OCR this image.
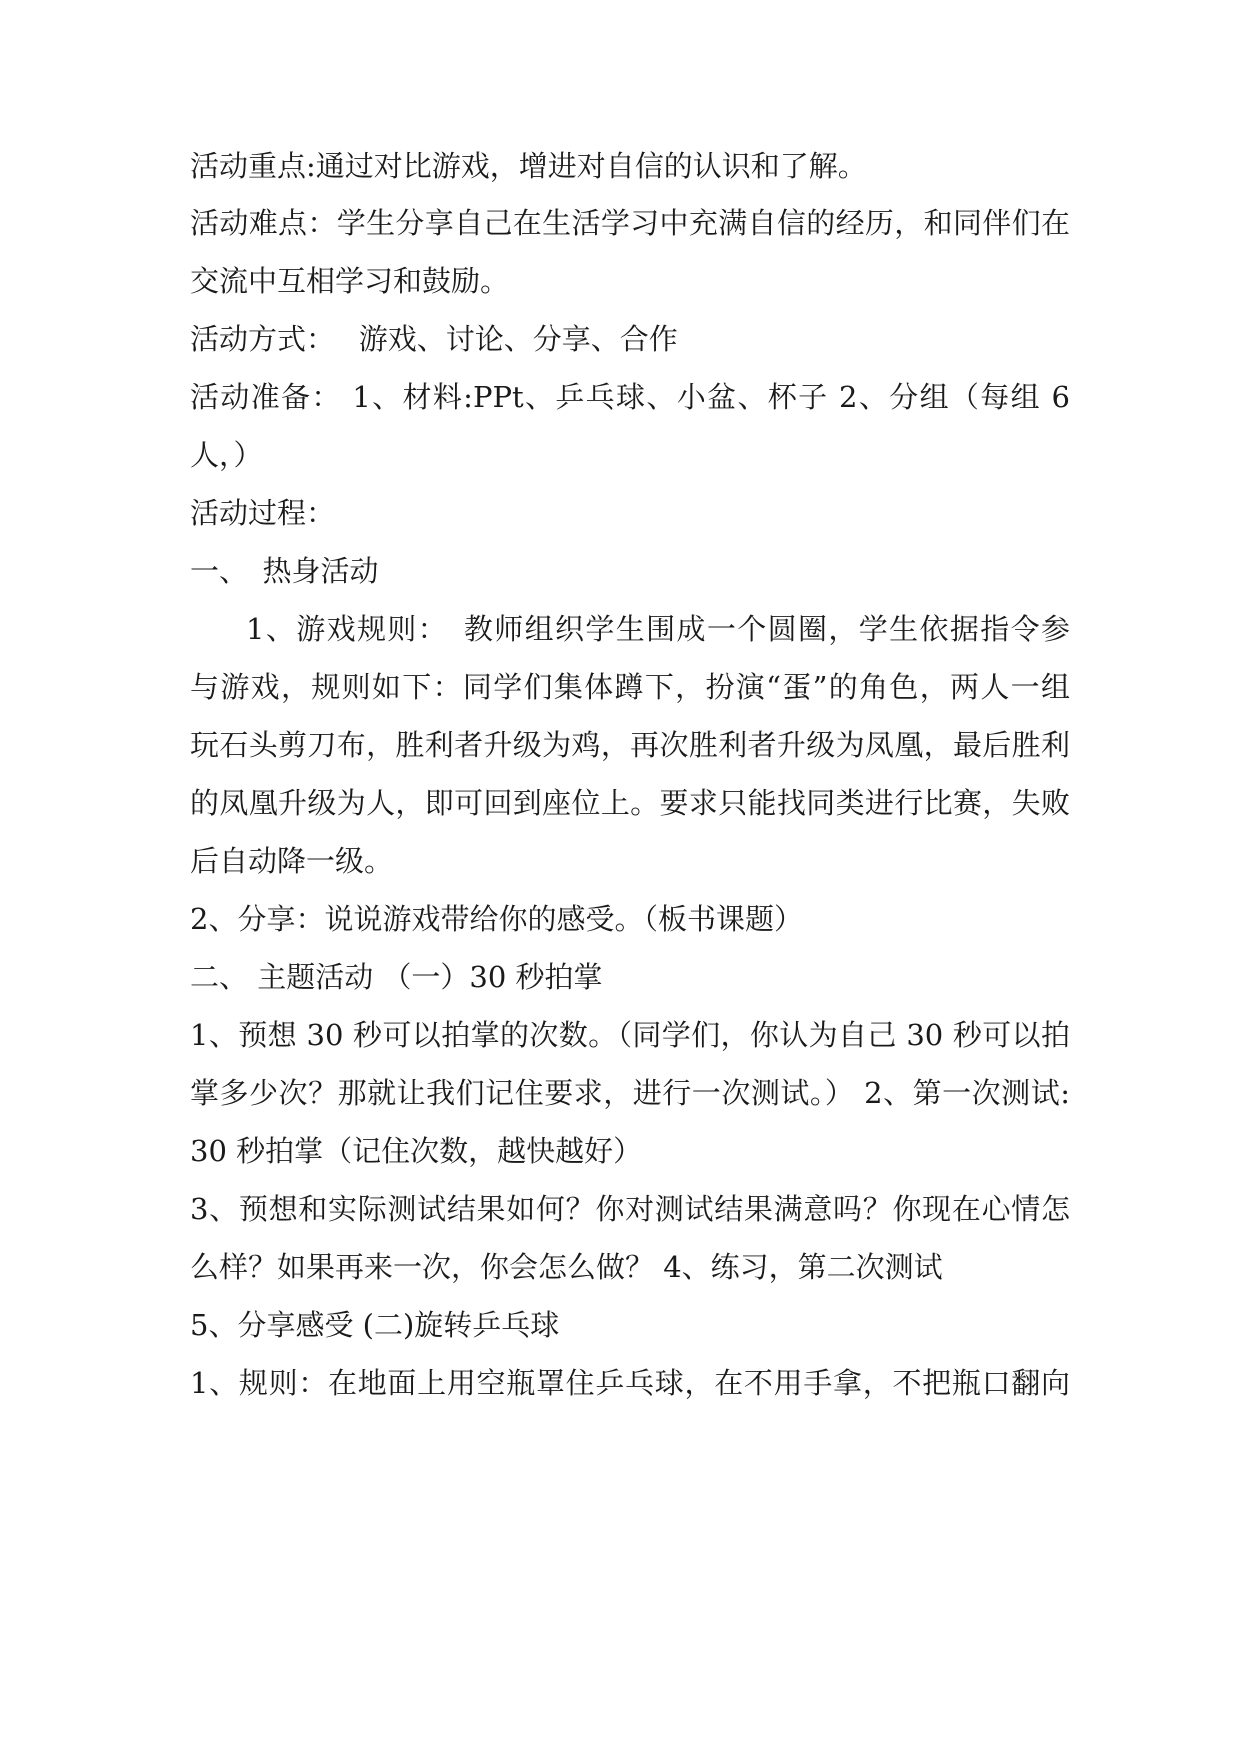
活动重点:通过对比游戏，增进对自信的认识和了解。
活动难点：学生分享自己在生活学习中充满自信的经历，和同伴们在
交流中互相学习和鼓励。
活动方式：　 游戏、讨论、分享、合作
活动准备： 1、材料:PPt、乒乓球、小盆、杯子 2、分组（每组 6
人，）
活动过程：
一、　热身活动
1、游戏规则：　教师组织学生围成一个圆圈，学生依据指令参
与游戏，规则如下：同学们集体蹲下，扮演“蛋”的角色，两人一组
玩石头剪刀布，胜利者升级为鸡，再次胜利者升级为凤凰，最后胜利
的凤凰升级为人，即可回到座位上。要求只能找同类进行比赛，失败
后自动降一级。
2、分享：说说游戏带给你的感受。（板书课题）
二、 主题活动 （一）30 秒拍掌
1、预想 30 秒可以拍掌的次数。（同学们，你认为自己 30 秒可以拍
掌多少次？那就让我们记住要求，进行一次测试。） 2、第一次测试:
30 秒拍掌（记住次数，越快越好）
3、预想和实际测试结果如何？你对测试结果满意吗？你现在心情怎
么样？如果再来一次，你会怎么做？ 4、练习，第二次测试
5、分享感受 (二)旋转乒乓球
1、规则：在地面上用空瓶罩住乒乓球，在不用手拿，不把瓶口翻向
